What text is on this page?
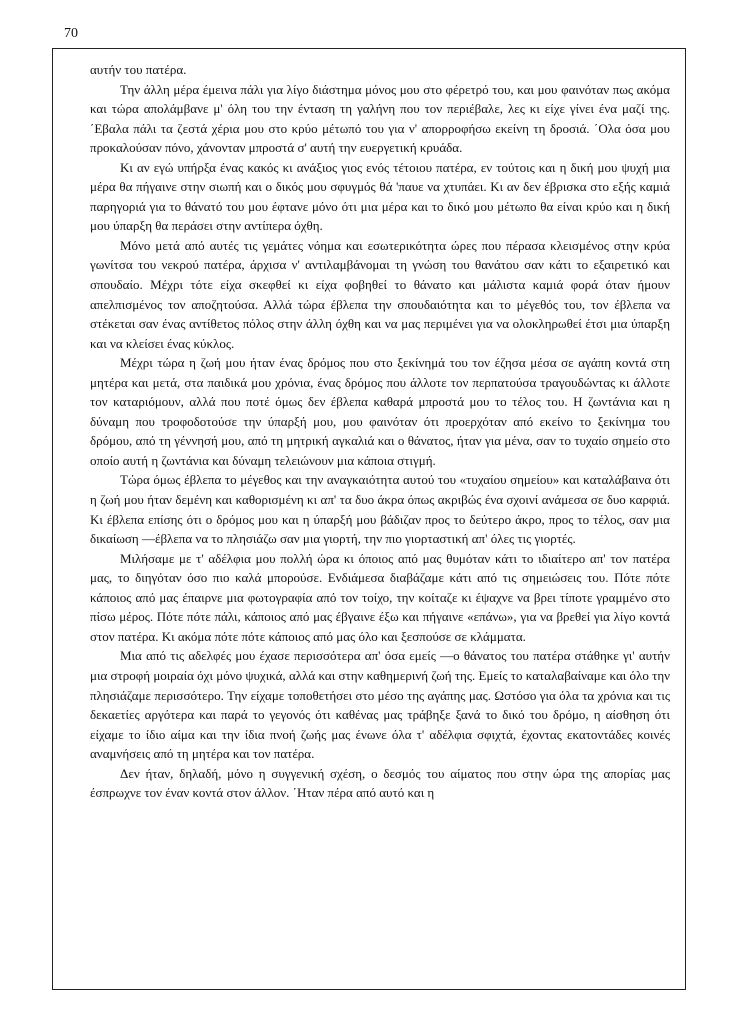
70

αυτήν του πατέρα.

Την άλλη μέρα έμεινα πάλι για λίγο διάστημα μόνος μου στο φέρετρό του, και μου φαινόταν πως ακόμα και τώρα απολάμβανε μ' όλη του την ένταση τη γαλήνη που τον περιέβαλε, λες κι είχε γίνει ένα μαζί της. ΄Εβαλα πάλι τα ζεστά χέρια μου στο κρύο μέτωπό του για ν' απορροφήσω εκείνη τη δροσιά. ΄Ολα όσα μου προκαλούσαν πόνο, χάνονταν μπροστά σ' αυτή την ευεργετική κρυάδα.

Κι αν εγώ υπήρξα ένας κακός κι ανάξιος γιος ενός τέτοιου πατέρα, εν τούτοις και η δική μου ψυχή μια μέρα θα πήγαινε στην σιωπή και ο δικός μου σφυγμός θά 'παυε να χτυπάει. Κι αν δεν έβρισκα στο εξής καμιά παρηγοριά για το θάνατό του μου έφτανε μόνο ότι μια μέρα και το δικό μου μέτωπο θα είναι κρύο και η δική μου ύπαρξη θα περάσει στην αντίπερα όχθη.

Μόνο μετά από αυτές τις γεμάτες νόημα και εσωτερικότητα ώρες που πέρασα κλεισμένος στην κρύα γωνίτσα του νεκρού πατέρα, άρχισα ν' αντιλαμβάνομαι τη γνώση του θανάτου σαν κάτι το εξαιρετικό και σπουδαίο. Μέχρι τότε είχα σκεφθεί κι είχα φοβηθεί το θάνατο και μάλιστα καμιά φορά όταν ήμουν απελπισμένος τον αποζητούσα. Αλλά τώρα έβλεπα την σπουδαιότητα και το μέγεθός του, τον έβλεπα να στέκεται σαν ένας αντίθετος πόλος στην άλλη όχθη και να μας περιμένει για να ολοκληρωθεί έτσι μια ύπαρξη και να κλείσει ένας κύκλος.

Μέχρι τώρα η ζωή μου ήταν ένας δρόμος που στο ξεκίνημά του τον έζησα μέσα σε αγάπη κοντά στη μητέρα και μετά, στα παιδικά μου χρόνια, ένας δρόμος που άλλοτε τον περπατούσα τραγουδώντας κι άλλοτε τον καταριόμουν, αλλά που ποτέ όμως δεν έβλεπα καθαρά μπροστά μου το τέλος του. Η ζωντάνια και η δύναμη που τροφοδοτούσε την ύπαρξή μου, μου φαινόταν ότι προερχόταν από εκείνο το ξεκίνημα του δρόμου, από τη γέννησή μου, από τη μητρική αγκαλιά και ο θάνατος, ήταν για μένα, σαν το τυχαίο σημείο στο οποίο αυτή η ζωντάνια και δύναμη τελειώνουν μια κάποια στιγμή.

Τώρα όμως έβλεπα το μέγεθος και την αναγκαιότητα αυτού του «τυχαίου σημείου» και καταλάβαινα ότι η ζωή μου ήταν δεμένη και καθορισμένη κι απ' τα δυο άκρα όπως ακριβώς ένα σχοινί ανάμεσα σε δυο καρφιά. Κι έβλεπα επίσης ότι ο δρόμος μου και η ύπαρξή μου βάδιζαν προς το δεύτερο άκρο, προς το τέλος, σαν μια δικαίωση —έβλεπα να το πλησιάζω σαν μια γιορτή, την πιο γιορταστική απ' όλες τις γιορτές.

Μιλήσαμε με τ' αδέλφια μου πολλή ώρα κι όποιος από μας θυμόταν κάτι το ιδιαίτερο απ' τον πατέρα μας, το διηγόταν όσο πιο καλά μπορούσε. Ενδιάμεσα διαβάζαμε κάτι από τις σημειώσεις του. Πότε πότε κάποιος από μας έπαιρνε μια φωτογραφία από τον τοίχο, την κοίταζε κι έψαχνε να βρει τίποτε γραμμένο στο πίσω μέρος. Πότε πότε πάλι, κάποιος από μας έβγαινε έξω και πήγαινε «επάνω», για να βρεθεί για λίγο κοντά στον πατέρα. Κι ακόμα πότε πότε κάποιος από μας όλο και ξεσπούσε σε κλάμματα.

Μια από τις αδελφές μου έχασε περισσότερα απ' όσα εμείς —ο θάνατος του πατέρα στάθηκε γι' αυτήν μια στροφή μοιραία όχι μόνο ψυχικά, αλλά και στην καθημερινή ζωή της. Εμείς το καταλαβαίναμε και όλο την πλησιάζαμε περισσότερο. Την είχαμε τοποθετήσει στο μέσο της αγάπης μας. Ωστόσο για όλα τα χρόνια και τις δεκαετίες αργότερα και παρά το γεγονός ότι καθένας μας τράβηξε ξανά το δικό του δρόμο, η αίσθηση ότι είχαμε το ίδιο αίμα και την ίδια πνοή ζωής μας ένωνε όλα τ' αδέλφια σφιχτά, έχοντας εκατοντάδες κοινές αναμνήσεις από τη μητέρα και τον πατέρα.

Δεν ήταν, δηλαδή, μόνο η συγγενική σχέση, ο δεσμός του αίματος που στην ώρα της απορίας μας έσπρωχνε τον έναν κοντά στον άλλον. ΄Ηταν πέρα από αυτό και η
